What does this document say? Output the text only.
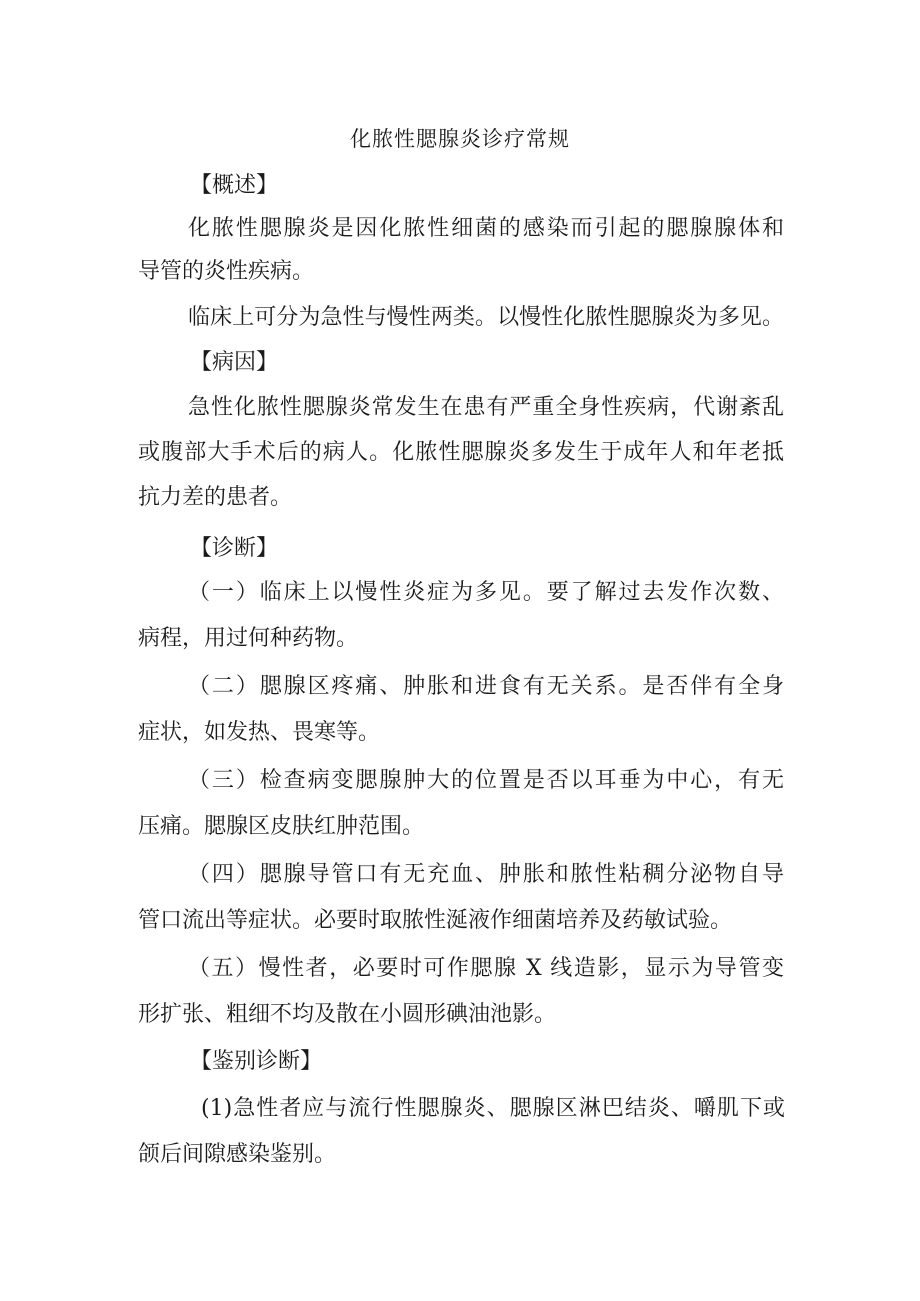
化脓性腮腺炎诊疗常规
【概述】
化脓性腮腺炎是因化脓性细菌的感染而引起的腮腺腺体和
导管的炎性疾病。
临床上可分为急性与慢性两类。以慢性化脓性腮腺炎为多见。
【病因】
急性化脓性腮腺炎常发生在患有严重全身性疾病，代谢紊乱
或腹部大手术后的病人。化脓性腮腺炎多发生于成年人和年老抵
抗力差的患者。
【诊断】
（一）临床上以慢性炎症为多见。要了解过去发作次数、
病程，用过何种药物。
（二）腮腺区疼痛、肿胀和进食有无关系。是否伴有全身
症状，如发热、畏寒等。
（三）检查病变腮腺肿大的位置是否以耳垂为中心，有无
压痛。腮腺区皮肤红肿范围。
（四）腮腺导管口有无充血、肿胀和脓性粘稠分泌物自导
管口流出等症状。必要时取脓性涎液作细菌培养及药敏试验。
（五）慢性者，必要时可作腮腺 X 线造影，显示为导管变
形扩张、粗细不均及散在小圆形碘油池影。
【鉴别诊断】
(1)急性者应与流行性腮腺炎、腮腺区淋巴结炎、嚼肌下或
颌后间隙感染鉴别。
